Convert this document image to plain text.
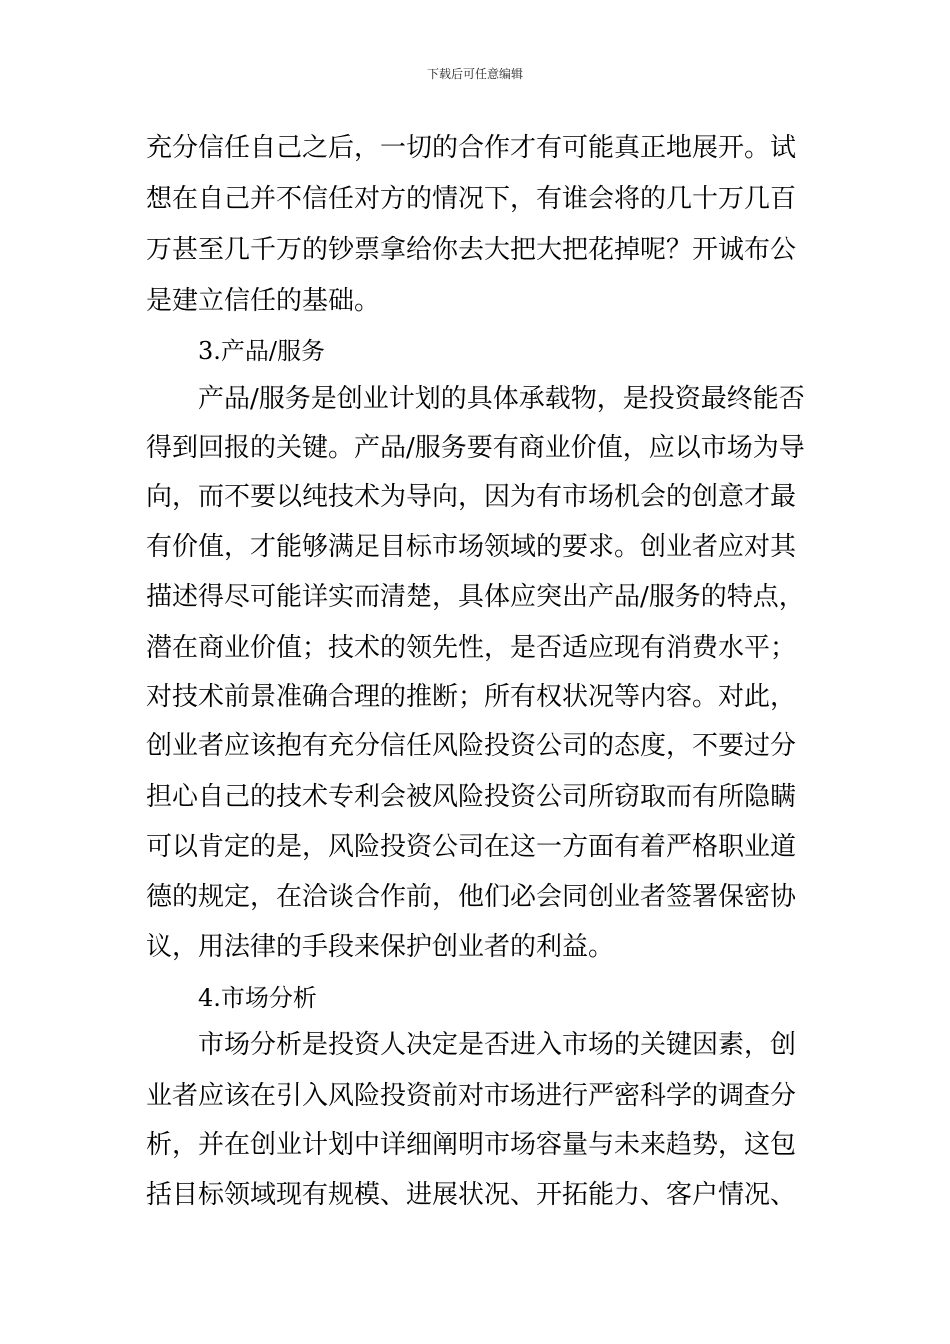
下载后可任意编辑
充分信任自己之后，一切的合作才有可能真正地展开。试
想在自己并不信任对方的情况下，有谁会将的几十万几百
万甚至几千万的钞票拿给你去大把大把花掉呢？开诚布公
是建立信任的基础。
3.产品/服务
产品/服务是创业计划的具体承载物，是投资最终能否
得到回报的关键。产品/服务要有商业价值，应以市场为导
向，而不要以纯技术为导向，因为有市场机会的创意才最
有价值，才能够满足目标市场领域的要求。创业者应对其
描述得尽可能详实而清楚，具体应突出产品/服务的特点，
潜在商业价值；技术的领先性，是否适应现有消费水平；
对技术前景准确合理的推断；所有权状况等内容。对此，
创业者应该抱有充分信任风险投资公司的态度，不要过分
担心自己的技术专利会被风险投资公司所窃取而有所隐瞒
可以肯定的是，风险投资公司在这一方面有着严格职业道
德的规定，在洽谈合作前，他们必会同创业者签署保密协
议，用法律的手段来保护创业者的利益。
4.市场分析
市场分析是投资人决定是否进入市场的关键因素，创
业者应该在引入风险投资前对市场进行严密科学的调查分
析，并在创业计划中详细阐明市场容量与未来趋势，这包
括目标领域现有规模、进展状况、开拓能力、客户情况、
